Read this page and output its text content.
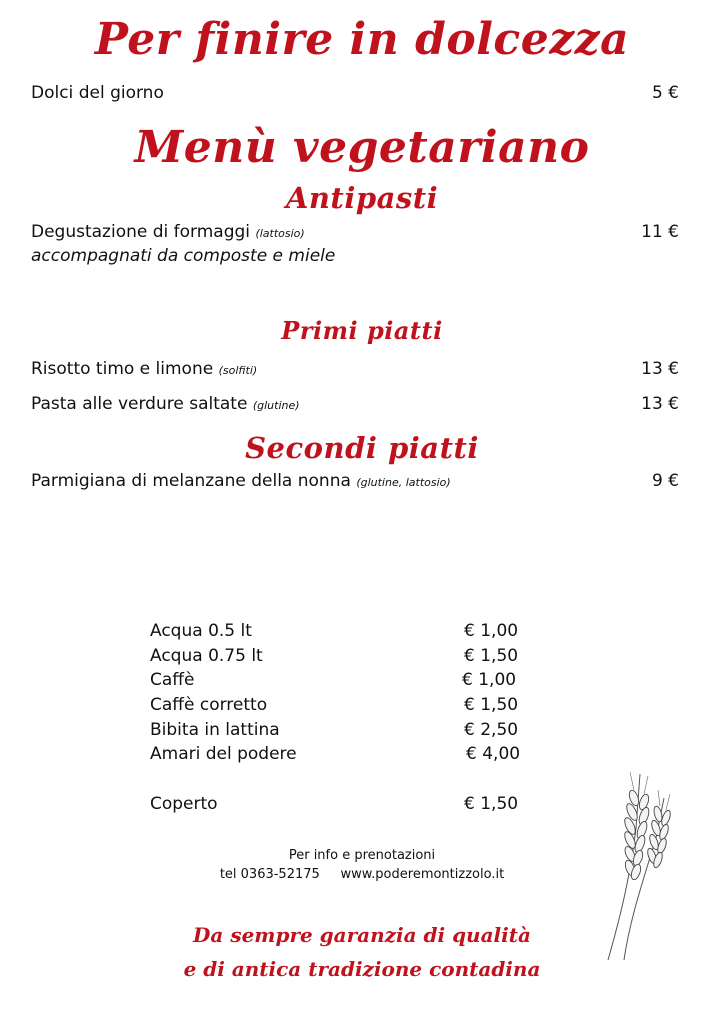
Per finire in dolcezza
Dolci del giorno	5 €
Menù vegetariano
Antipasti
Degustazione di formaggi (lattosio)	11 €
accompagnati da composte e miele
Primi piatti
Risotto timo e limone (solfiti)	13 €
Pasta alle verdure saltate (glutine)	13 €
Secondi piatti
Parmigiana di melanzane della nonna (glutine, lattosio)	9 €
Acqua 0.5 lt	€ 1,00
Acqua 0.75 lt	€ 1,50
Caffè	€ 1,00
Caffè corretto	€ 1,50
Bibita in lattina	€ 2,50
Amari del podere	€ 4,00
Coperto	€ 1,50
Per info e prenotazioni
tel 0363-52175 www.poderemontizzolo.it
Da sempre garanzia di qualità
e di antica tradizione contadina
